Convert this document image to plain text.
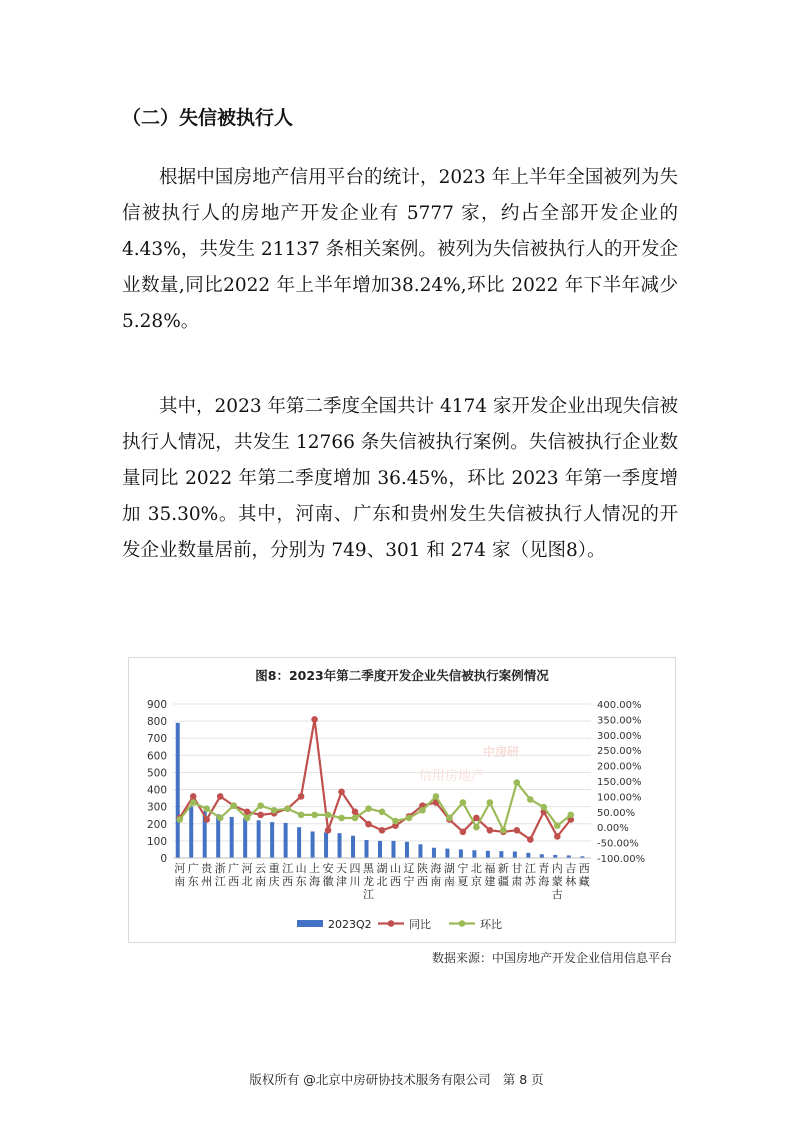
（二）失信被执行人

根据中国房地产信用平台的统计，2023 年上半年全国被列为失信被执行人的房地产开发企业有 5777 家，约占全部开发企业的 4.43%，共发生 21137 条相关案例。被列为失信被执行人的开发企业数量,同比2022 年上半年增加38.24%,环比 2022 年下半年减少 5.28%。

其中，2023 年第二季度全国共计 4174 家开发企业出现失信被执行人情况，共发生 12766 条失信被执行案例。失信被执行企业数量同比 2022 年第二季度增加 36.45%，环比 2023 年第一季度增加 35.30%。其中，河南、广东和贵州发生失信被执行人情况的开发企业数量居前，分别为 749、301 和 274 家（见图8）。

图8：2023年第二季度开发企业失信被执行案例情况
信用房地产
中房研
0
100
200
300
400
500
600
700
800
900
-100.00%
-50.00%
0.00%
50.00%
100.00%
150.00%
200.00%
250.00%
300.00%
350.00%
400.00%
河南
广东
贵州
浙江
广西
河北
云南
重庆
江西
山东
上海
安徽
天津
四川
黑龙江
湖北
山西
辽宁
陕西
海南
湖南
宁夏
北京
福建
新疆
甘肃
江苏
青海
内蒙古
吉林
西藏
2023Q2	同比	环比
数据来源：中国房地产开发企业信用信息平台
版权所有 @北京中房研协技术服务有限公司 第 8 页
